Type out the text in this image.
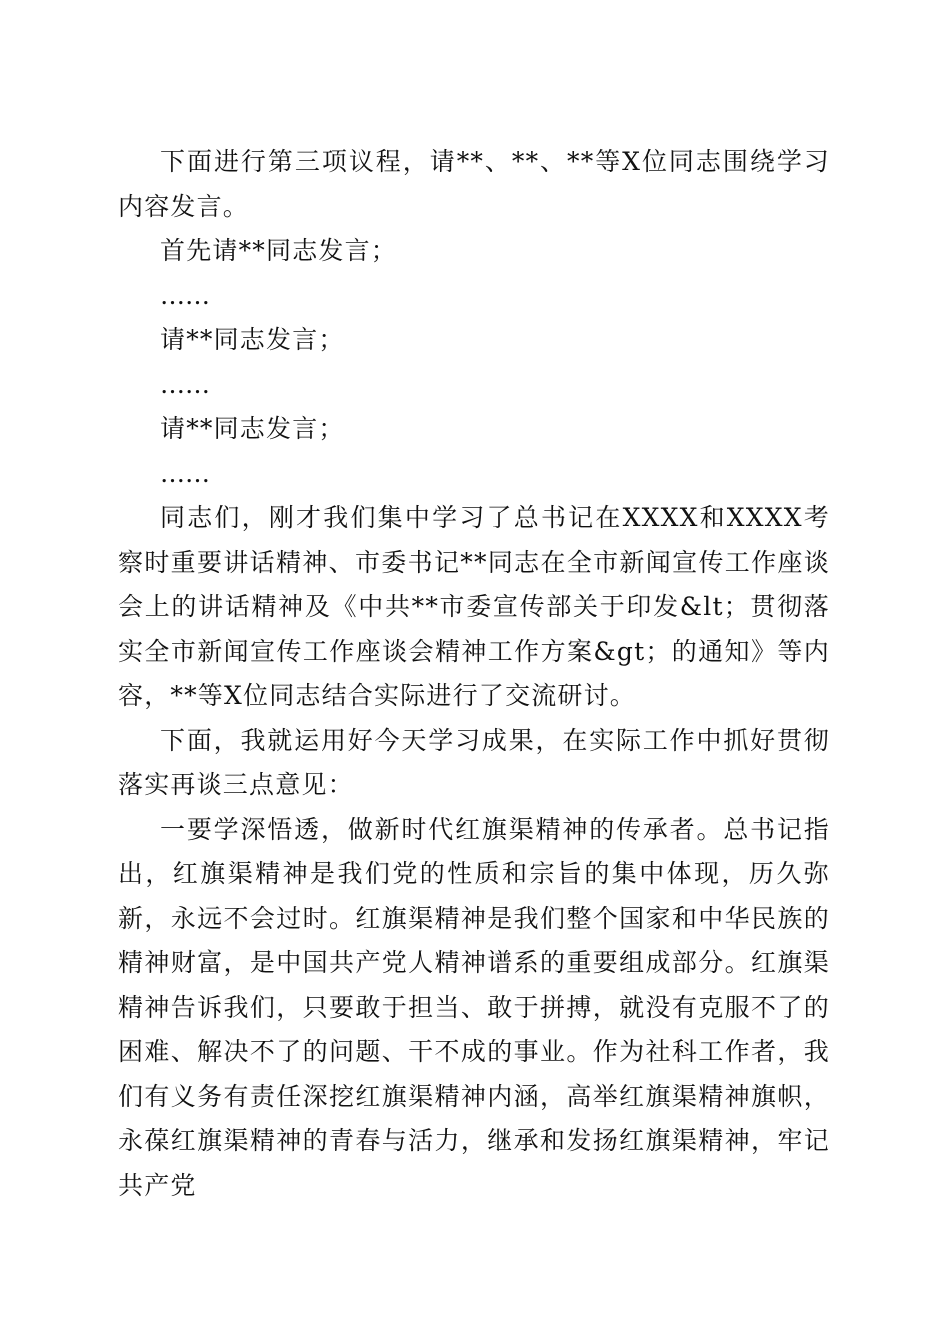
下面进行第三项议程，请**、**、**等X位同志围绕学习内容发言。

首先请**同志发言；

……

请**同志发言；

……

请**同志发言；

……

同志们，刚才我们集中学习了总书记在XXXX和XXXX考察时重要讲话精神、市委书记**同志在全市新闻宣传工作座谈会上的讲话精神及《中共**市委宣传部关于印发&lt；贯彻落实全市新闻宣传工作座谈会精神工作方案&gt；的通知》等内容，**等X位同志结合实际进行了交流研讨。

下面，我就运用好今天学习成果，在实际工作中抓好贯彻落实再谈三点意见：

一要学深悟透，做新时代红旗渠精神的传承者。总书记指出，红旗渠精神是我们党的性质和宗旨的集中体现，历久弥新，永远不会过时。红旗渠精神是我们整个国家和中华民族的精神财富，是中国共产党人精神谱系的重要组成部分。红旗渠精神告诉我们，只要敢于担当、敢于拼搏，就没有克服不了的困难、解决不了的问题、干不成的事业。作为社科工作者，我们有义务有责任深挖红旗渠精神内涵，高举红旗渠精神旗帜，永葆红旗渠精神的青春与活力，继承和发扬红旗渠精神，牢记共产党
